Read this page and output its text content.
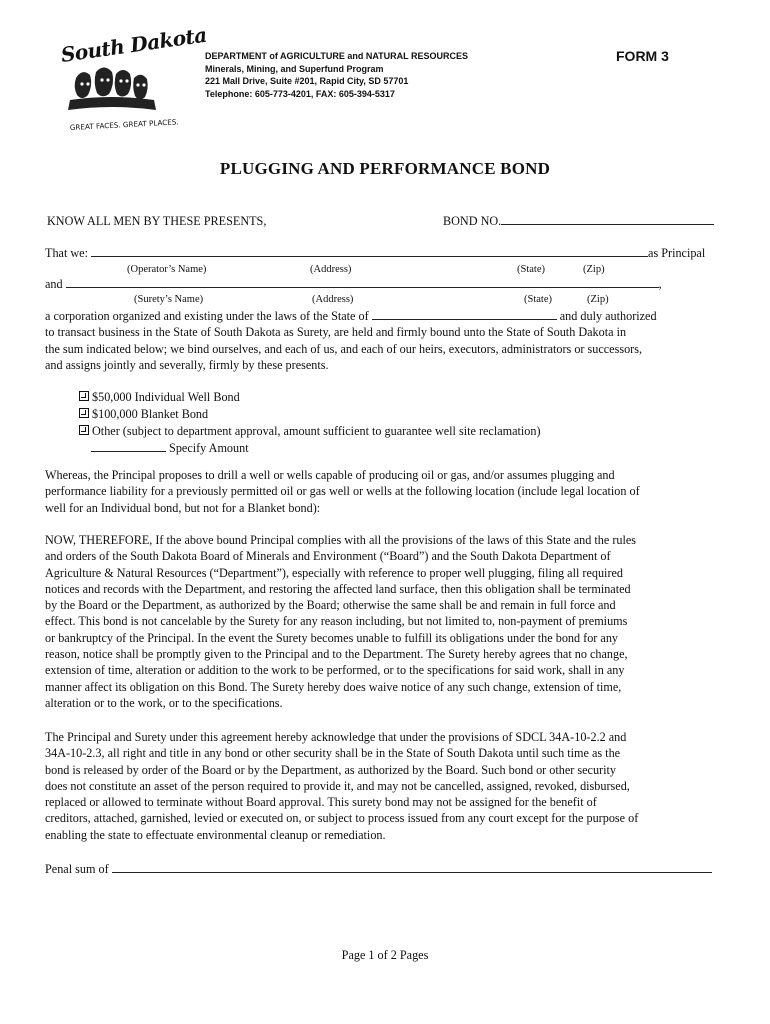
South Dakota
GREAT FACES. GREAT PLACES.
DEPARTMENT of AGRICULTURE and NATURAL RESOURCES
Minerals, Mining, and Superfund Program
221 Mall Drive, Suite #201, Rapid City, SD 57701
Telephone: 605-773-4201, FAX: 605-394-5317
FORM 3
PLUGGING AND PERFORMANCE BOND
KNOW ALL MEN BY THESE PRESENTS,	BOND NO.
That we:	as Principal
(Operator’s Name)	(Address)	(State)	(Zip)
and	,
(Surety’s Name)	(Address)	(State)	(Zip)
a corporation organized and existing under the laws of the State of	and duly authorized
to transact business in the State of South Dakota as Surety, are held and firmly bound unto the State of South Dakota in
the sum indicated below; we bind ourselves, and each of us, and each of our heirs, executors, administrators or successors,
and assigns jointly and severally, firmly by these presents.
$50,000 Individual Well Bond
$100,000 Blanket Bond
Other (subject to department approval, amount sufficient to guarantee well site reclamation)
Specify Amount
Whereas, the Principal proposes to drill a well or wells capable of producing oil or gas, and/or assumes plugging and
performance liability for a previously permitted oil or gas well or wells at the following location (include legal location of
well for an Individual bond, but not for a Blanket bond):
NOW, THEREFORE, If the above bound Principal complies with all the provisions of the laws of this State and the rules
and orders of the South Dakota Board of Minerals and Environment (“Board”) and the South Dakota Department of
Agriculture & Natural Resources (“Department”), especially with reference to proper well plugging, filing all required
notices and records with the Department, and restoring the affected land surface, then this obligation shall be terminated
by the Board or the Department, as authorized by the Board; otherwise the same shall be and remain in full force and
effect. This bond is not cancelable by the Surety for any reason including, but not limited to, non-payment of premiums
or bankruptcy of the Principal. In the event the Surety becomes unable to fulfill its obligations under the bond for any
reason, notice shall be promptly given to the Principal and to the Department. The Surety hereby agrees that no change,
extension of time, alteration or addition to the work to be performed, or to the specifications for said work, shall in any
manner affect its obligation on this Bond. The Surety hereby does waive notice of any such change, extension of time,
alteration or to the work, or to the specifications.
The Principal and Surety under this agreement hereby acknowledge that under the provisions of SDCL 34A-10-2.2 and
34A-10-2.3, all right and title in any bond or other security shall be in the State of South Dakota until such time as the
bond is released by order of the Board or by the Department, as authorized by the Board. Such bond or other security
does not constitute an asset of the person required to provide it, and may not be cancelled, assigned, revoked, disbursed,
replaced or allowed to terminate without Board approval. This surety bond may not be assigned for the benefit of
creditors, attached, garnished, levied or executed on, or subject to process issued from any court except for the purpose of
enabling the state to effectuate environmental cleanup or remediation.
Penal sum of
Page 1 of 2 Pages
